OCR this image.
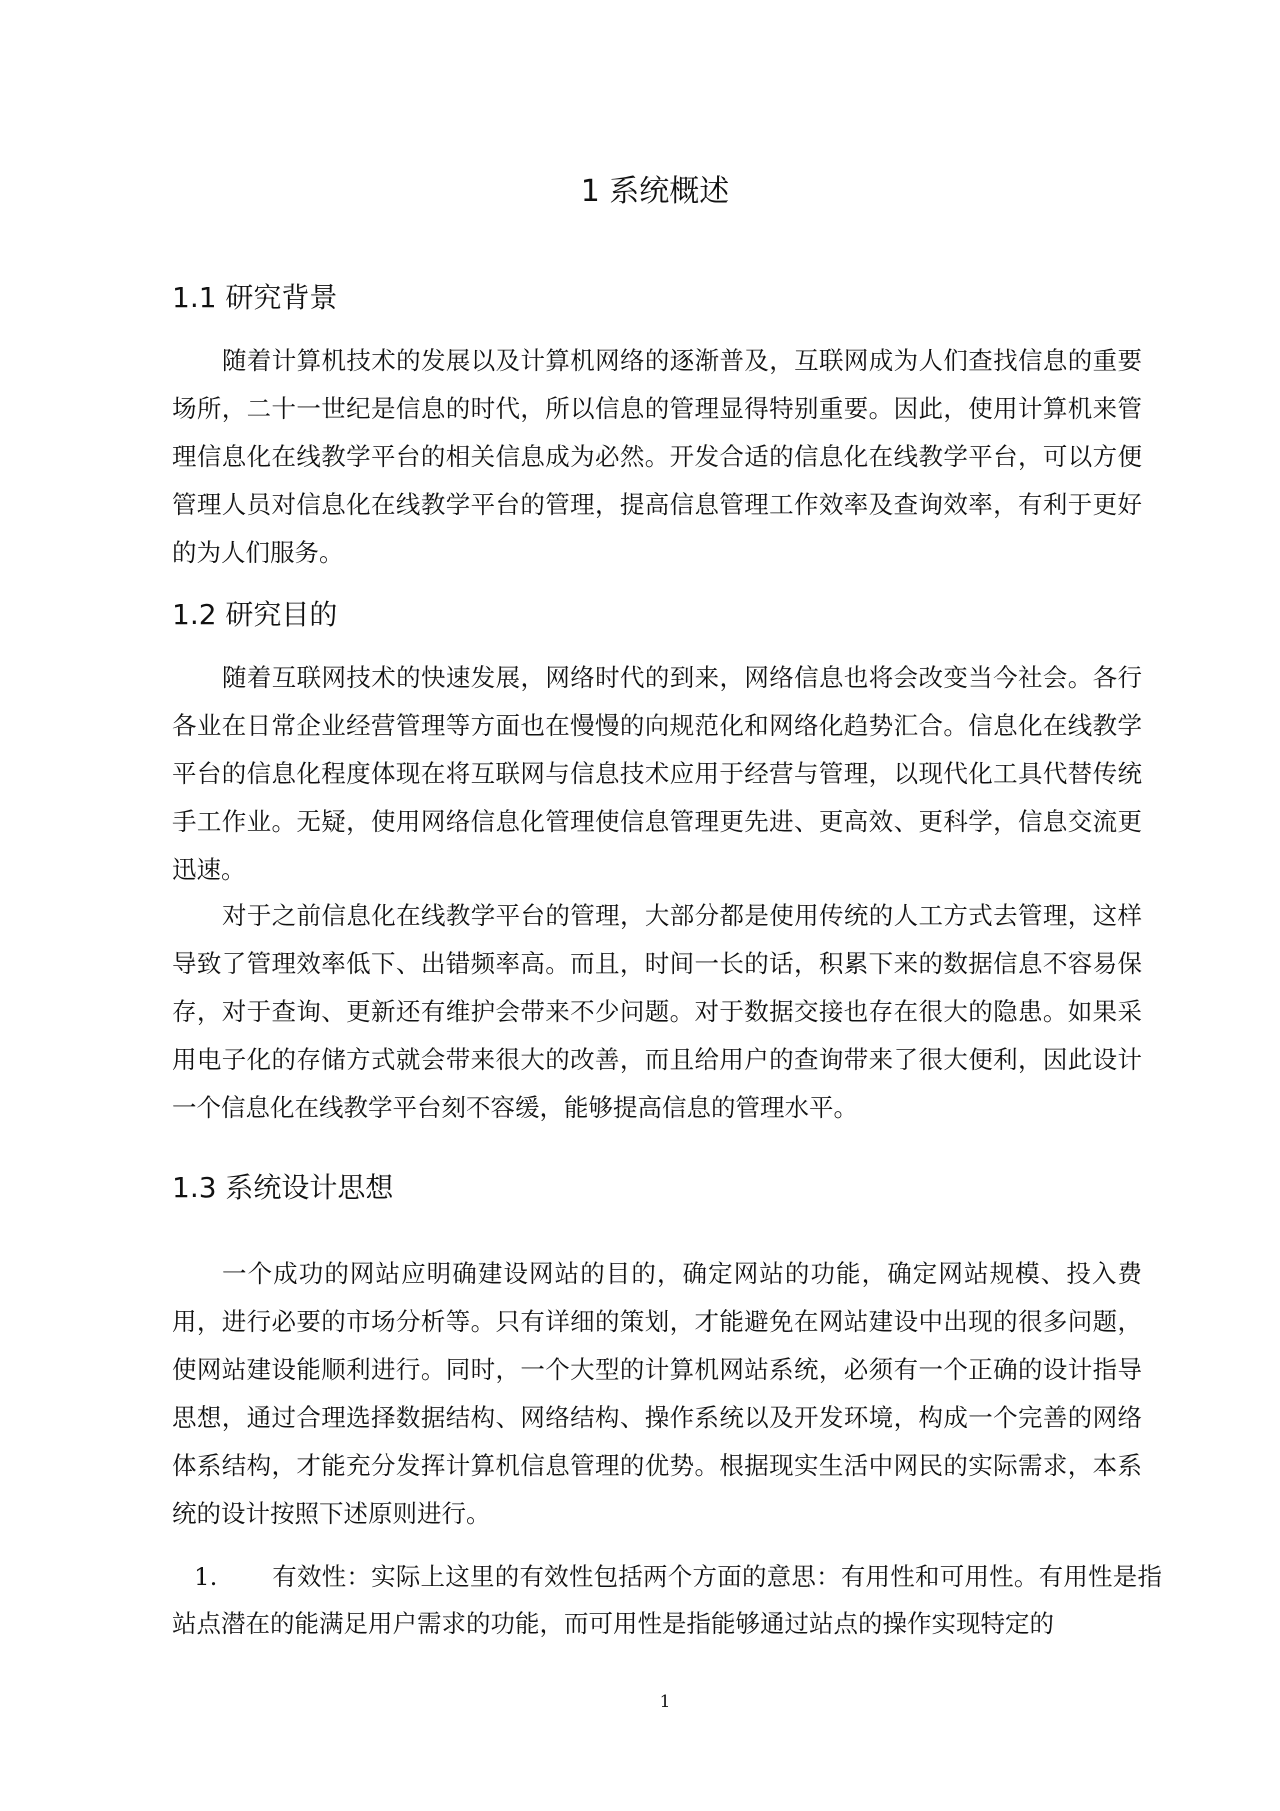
1 系统概述
1.1 研究背景

随着计算机技术的发展以及计算机网络的逐渐普及，互联网成为人们查找信息的重要场所，二十一世纪是信息的时代，所以信息的管理显得特别重要。因此，使用计算机来管理信息化在线教学平台的相关信息成为必然。开发合适的信息化在线教学平台，可以方便管理人员对信息化在线教学平台的管理，提高信息管理工作效率及查询效率，有利于更好的为人们服务。

1.2 研究目的

随着互联网技术的快速发展，网络时代的到来，网络信息也将会改变当今社会。各行各业在日常企业经营管理等方面也在慢慢的向规范化和网络化趋势汇合。信息化在线教学平台的信息化程度体现在将互联网与信息技术应用于经营与管理，以现代化工具代替传统手工作业。无疑，使用网络信息化管理使信息管理更先进、更高效、更科学，信息交流更迅速。

对于之前信息化在线教学平台的管理，大部分都是使用传统的人工方式去管理，这样导致了管理效率低下、出错频率高。而且，时间一长的话，积累下来的数据信息不容易保存，对于查询、更新还有维护会带来不少问题。对于数据交接也存在很大的隐患。如果采用电子化的存储方式就会带来很大的改善，而且给用户的查询带来了很大便利，因此设计一个信息化在线教学平台刻不容缓，能够提高信息的管理水平。

1.3 系统设计思想

一个成功的网站应明确建设网站的目的，确定网站的功能，确定网站规模、投入费用，进行必要的市场分析等。只有详细的策划，才能避免在网站建设中出现的很多问题，使网站建设能顺利进行。同时，一个大型的计算机网站系统，必须有一个正确的设计指导思想，通过合理选择数据结构、网络结构、操作系统以及开发环境，构成一个完善的网络体系结构，才能充分发挥计算机信息管理的优势。根据现实生活中网民的实际需求，本系统的设计按照下述原则进行。

1. 有效性：实际上这里的有效性包括两个方面的意思：有用性和可用性。有用性是指站点潜在的能满足用户需求的功能，而可用性是指能够通过站点的操作实现特定的

1
